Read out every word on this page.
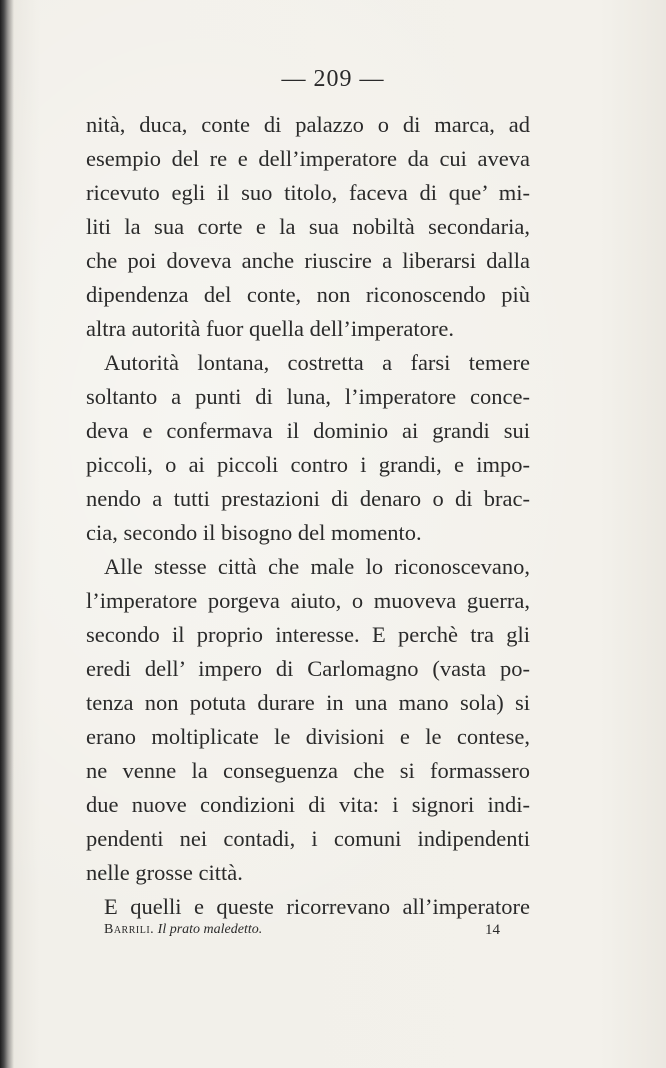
— 209 —
nità, duca, conte di palazzo o di marca, ad
esempio del re e dell’imperatore da cui aveva
ricevuto egli il suo titolo, faceva di que’ mi-
liti la sua corte e la sua nobiltà secondaria,
che poi doveva anche riuscire a liberarsi dalla
dipendenza del conte, non riconoscendo più
altra autorità fuor quella dell’imperatore.
Autorità lontana, costretta a farsi temere
soltanto a punti di luna, l’imperatore conce-
deva e confermava il dominio ai grandi sui
piccoli, o ai piccoli contro i grandi, e impo-
nendo a tutti prestazioni di denaro o di brac-
cia, secondo il bisogno del momento.
Alle stesse città che male lo riconoscevano,
l’imperatore porgeva aiuto, o muoveva guerra,
secondo il proprio interesse. E perchè tra gli
eredi dell’ impero di Carlomagno (vasta po-
tenza non potuta durare in una mano sola) si
erano moltiplicate le divisioni e le contese,
ne venne la conseguenza che si formassero
due nuove condizioni di vita: i signori indi-
pendenti nei contadi, i comuni indipendenti
nelle grosse città.
E quelli e queste ricorrevano all’imperatore
Barrili. Il prato maledetto.	14
